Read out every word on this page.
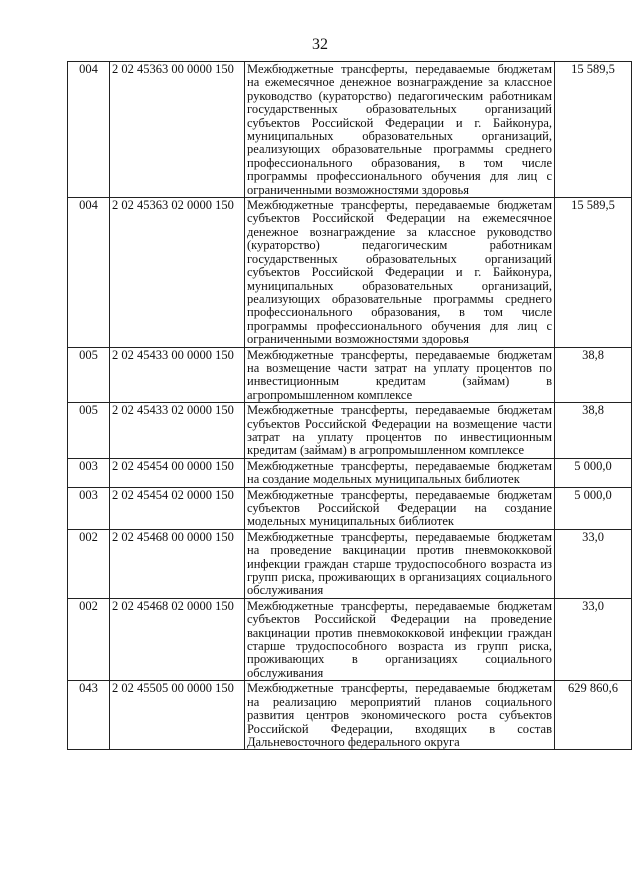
32
004	2 02 45363 00 0000 150	Межбюджетные трансферты, передаваемые бюджетам на ежемесячное денежное вознаграждение за классное руководство (кураторство) педагогическим работникам государственных образовательных организаций субъектов Российской Федерации и г. Байконура, муниципальных образовательных организаций, реализующих образовательные программы среднего профессионального образования, в том числе программы профессионального обучения для лиц с ограниченными возможностями здоровья	15 589,5
004	2 02 45363 02 0000 150	Межбюджетные трансферты, передаваемые бюджетам субъектов Российской Федерации на ежемесячное денежное вознаграждение за классное руководство (кураторство) педагогическим работникам государственных образовательных организаций субъектов Российской Федерации и г. Байконура, муниципальных образовательных организаций, реализующих образовательные программы среднего профессионального образования, в том числе программы профессионального обучения для лиц с ограниченными возможностями здоровья	15 589,5
005	2 02 45433 00 0000 150	Межбюджетные трансферты, передаваемые бюджетам на возмещение части затрат на уплату процентов по инвестиционным кредитам (займам) в агропромышленном комплексе	38,8
005	2 02 45433 02 0000 150	Межбюджетные трансферты, передаваемые бюджетам субъектов Российской Федерации на возмещение части затрат на уплату процентов по инвестиционным кредитам (займам) в агропромышленном комплексе	38,8
003	2 02 45454 00 0000 150	Межбюджетные трансферты, передаваемые бюджетам на создание модельных муниципальных библиотек	5 000,0
003	2 02 45454 02 0000 150	Межбюджетные трансферты, передаваемые бюджетам субъектов Российской Федерации на создание модельных муниципальных библиотек	5 000,0
002	2 02 45468 00 0000 150	Межбюджетные трансферты, передаваемые бюджетам на проведение вакцинации против пневмококковой инфекции граждан старше трудоспособного возраста из групп риска, проживающих в организациях социального обслуживания	33,0
002	2 02 45468 02 0000 150	Межбюджетные трансферты, передаваемые бюджетам субъектов Российской Федерации на проведение вакцинации против пневмококковой инфекции граждан старше трудоспособного возраста из групп риска, проживающих в организациях социального обслуживания	33,0
043	2 02 45505 00 0000 150	Межбюджетные трансферты, передаваемые бюджетам на реализацию мероприятий планов социального развития центров экономического роста субъектов Российской Федерации, входящих в состав Дальневосточного федерального округа	629 860,6
